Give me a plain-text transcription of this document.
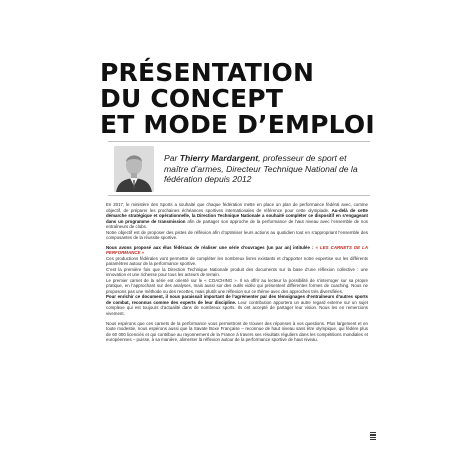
PRÉSENTATION
DU CONCEPT
ET MODE D’EMPLOI
Par Thierry Mardargent, professeur de sport et maître d’armes, Directeur Technique National de la fédération depuis 2012

En 2017, le ministère des Sports a souhaité que chaque fédération mette en place un plan de performance fédéral avec, comme objectif, de préparer les prochaines échéances sportives internationales de référence pour cette olympiade. Au-delà de cette démarche stratégique et opérationnelle, la Direction Technique Nationale a souhaité compléter ce dispositif en s’engageant dans un programme de transmission afin de partager son approche de la performance de haut niveau avec l’ensemble de nos entraîneurs de clubs.
Notre objectif est de proposer des pistes de réflexion afin d’optimiser leurs actions au quotidien tout en s’appropriant l’ensemble des composantes de la réussite sportive.

Nous avons proposé aux élus fédéraux de réaliser une série d’ouvrages (un par an) intitulée : « LES CARNETS DE LA PERFORMANCE »
Ces productions fédérales vont permettre de compléter les nombreux livres existants et d’apporter notre expertise sur les différents paramètres autour de la performance sportive.
C’est la première fois que la Direction Technique Nationale produit des documents sur la base d’une réflexion collective : une innovation et une richesse pour tous les acteurs de terrain.
Le premier carnet de la série est orienté sur le « COACHING ». Il va offrir au lecteur la possibilité de s’interroger sur sa propre pratique, en l’approchant sur des analyses, mais aussi sur des outils vidéo qui présentent différentes formes de coaching. Nous ne proposons pas une méthode ou des recettes, mais plutôt une réflexion sur ce thème avec des approches très diversifiées.
Pour enrichir ce document, il nous paraissait important de l’agrémenter par des témoignages d’entraîneurs d’autres sports de combat, reconnus comme des experts de leur discipline. Leur contribution apportera un autre regard externe sur un sujet complexe qui est toujours d’actualité dans de nombreux sports. Ils ont accepté de partager leur vision. Nous les en remercions vivement.

Nous espérons que ces carnets de la performance vous permettront de trouver des réponses à vos questions. Plus largement et en toute modestie, nous espérons aussi que la Savate Boxe Française – reconnue de haut niveau sans être olympique, qui fédère plus de 60 000 licenciés et qui contribue au rayonnement de la France à travers ses résultats réguliers dans les compétitions mondiales et européennes – puisse, à sa manière, alimenter la réflexion autour de la performance sportive de haut niveau.
